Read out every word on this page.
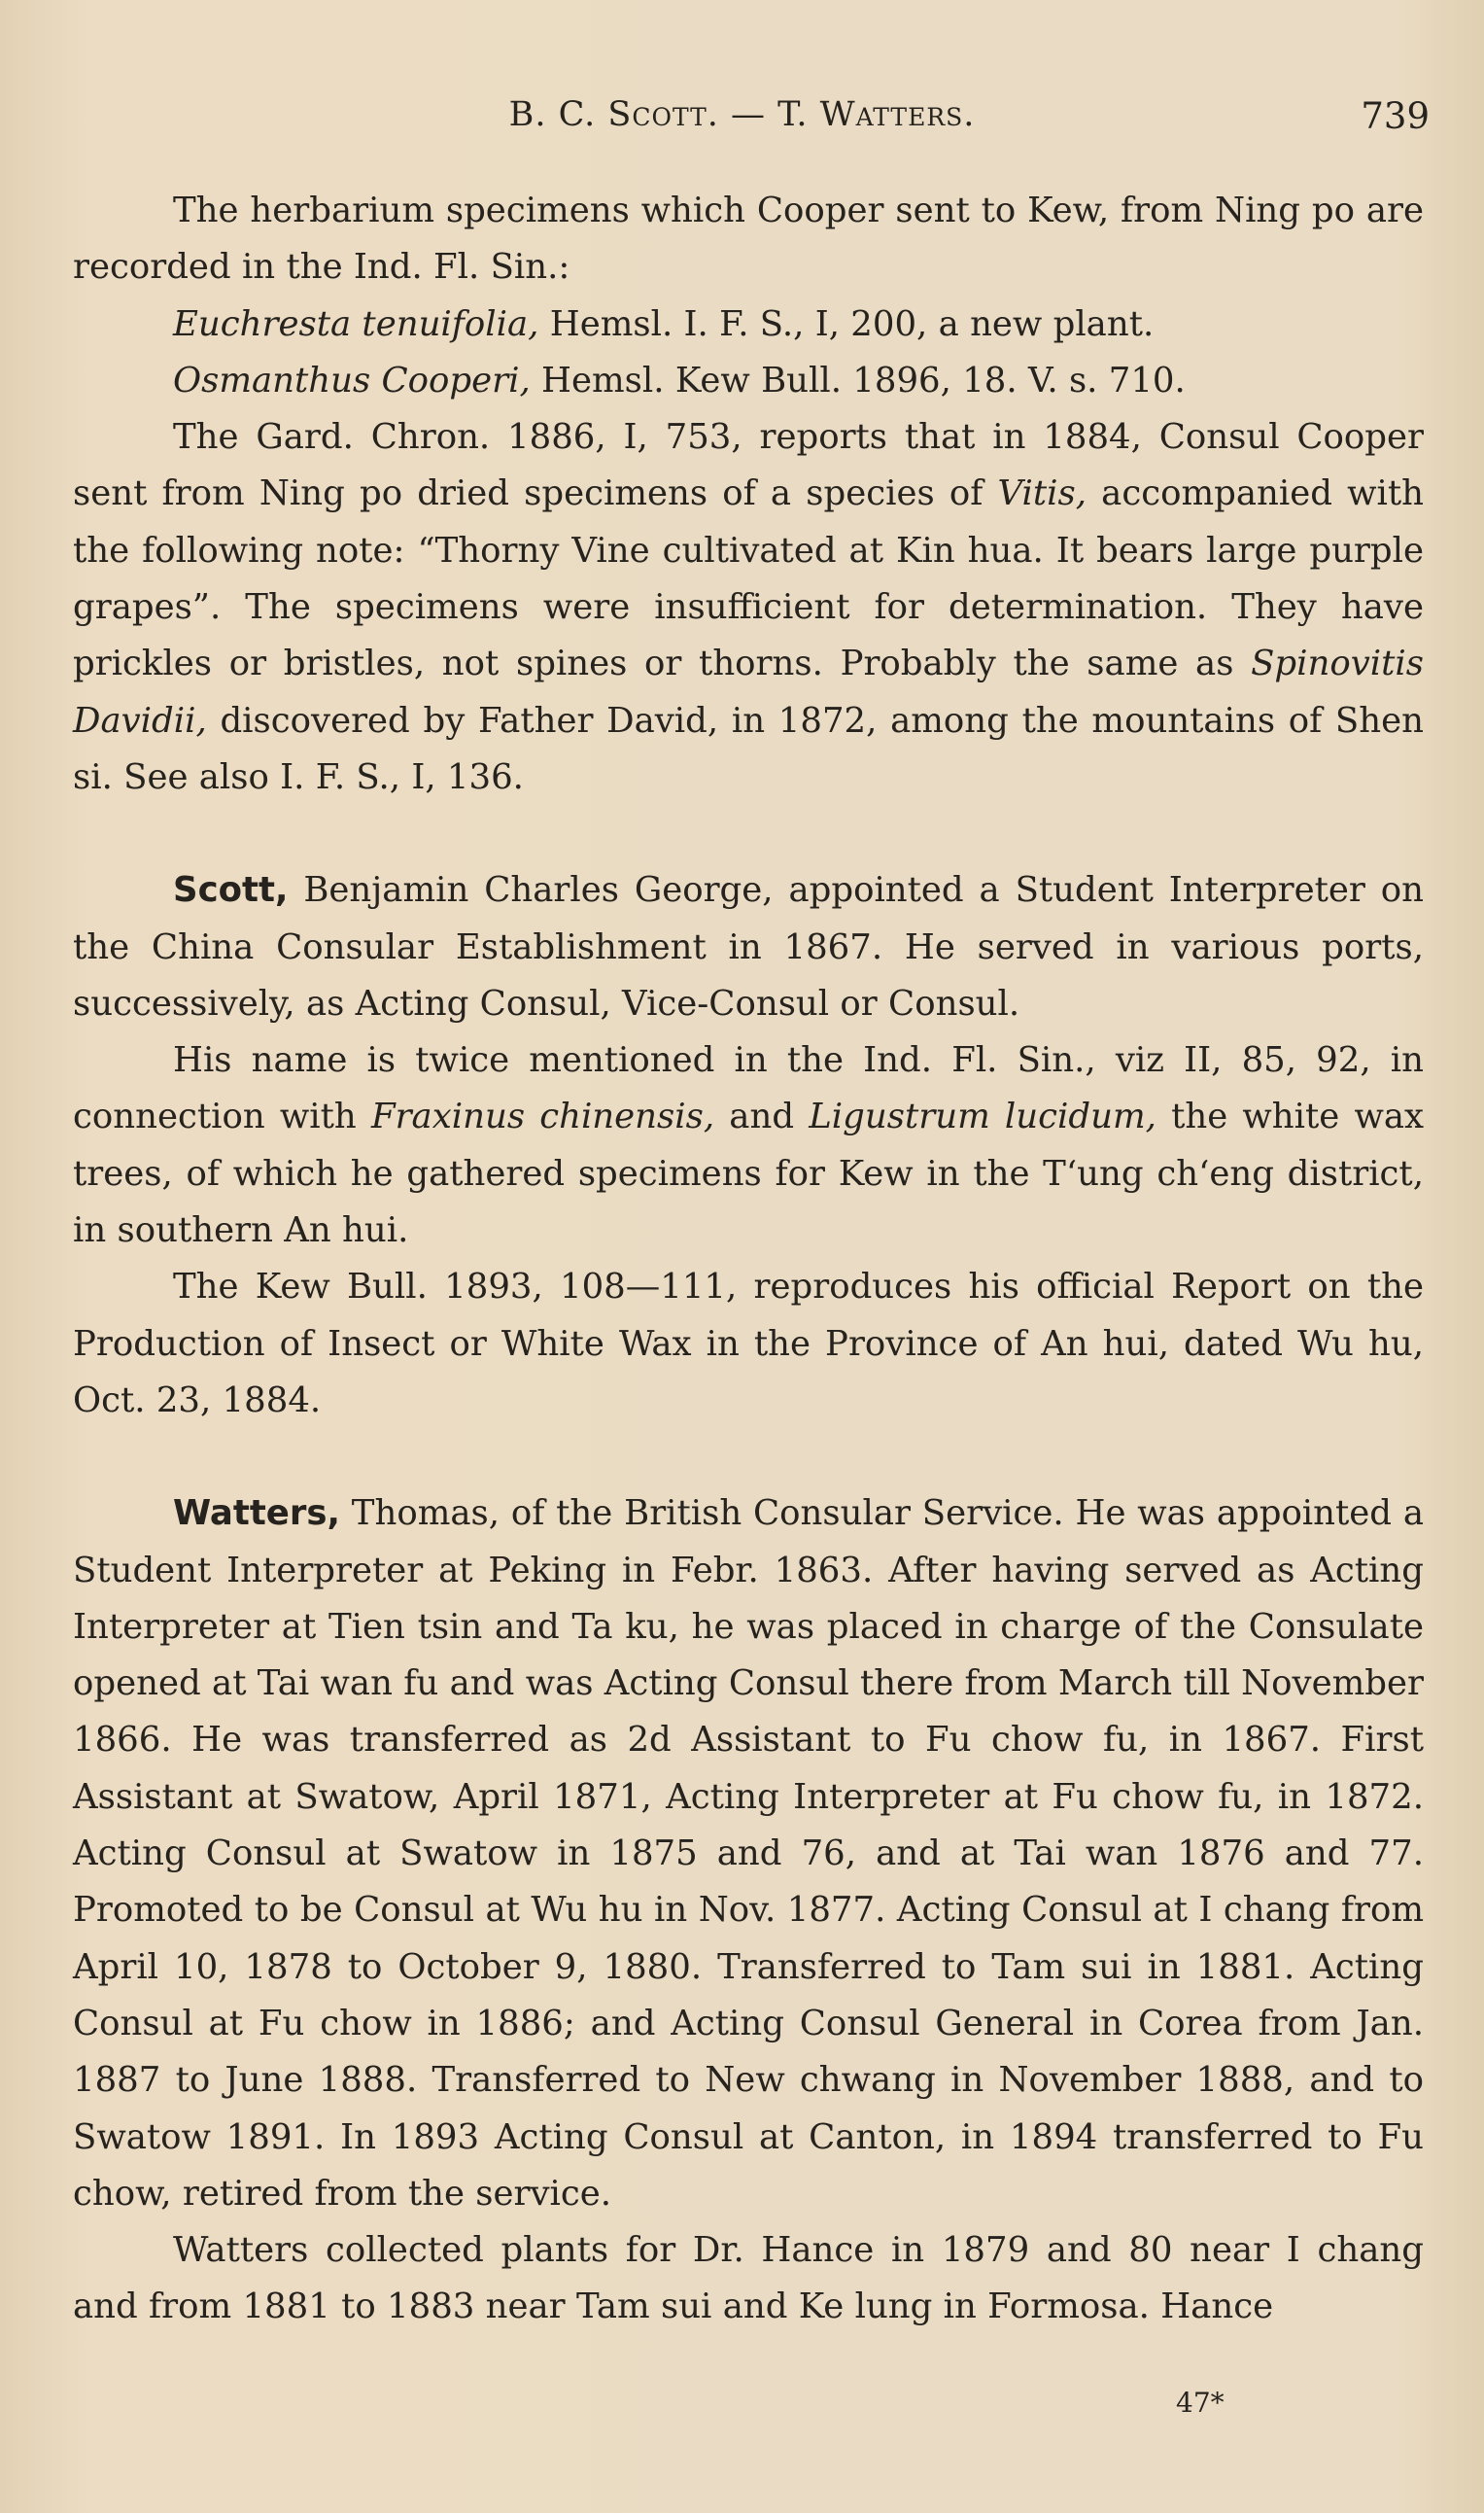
B. C. Scott. — T. Watters.	739

The herbarium specimens which Cooper sent to Kew, from Ning po are recorded in the Ind. Fl. Sin.:

Euchresta tenuifolia, Hemsl. I. F. S., I, 200, a new plant.

Osmanthus Cooperi, Hemsl. Kew Bull. 1896, 18. V. s. 710.

The Gard. Chron. 1886, I, 753, reports that in 1884, Consul Cooper sent from Ning po dried specimens of a species of Vitis, accompanied with the following note: “Thorny Vine cultivated at Kin hua. It bears large purple grapes”. The specimens were insufficient for determination. They have prickles or bristles, not spines or thorns. Probably the same as Spinovitis Davidii, discovered by Father David, in 1872, among the mountains of Shen si. See also I. F. S., I, 136.

Scott, Benjamin Charles George, appointed a Student Interpreter on the China Consular Establishment in 1867. He served in various ports, successively, as Acting Consul, Vice-Consul or Consul.

His name is twice mentioned in the Ind. Fl. Sin., viz II, 85, 92, in connection with Fraxinus chinensis, and Ligustrum lucidum, the white wax trees, of which he gathered specimens for Kew in the T‘ung ch‘eng district, in southern An hui.

The Kew Bull. 1893, 108—111, reproduces his official Report on the Production of Insect or White Wax in the Province of An hui, dated Wu hu, Oct. 23, 1884.

Watters, Thomas, of the British Consular Service. He was appointed a Student Interpreter at Peking in Febr. 1863. After having served as Acting Interpreter at Tien tsin and Ta ku, he was placed in charge of the Consulate opened at Tai wan fu and was Acting Consul there from March till November 1866. He was transferred as 2d Assistant to Fu chow fu, in 1867. First Assistant at Swatow, April 1871, Acting Interpreter at Fu chow fu, in 1872. Acting Consul at Swatow in 1875 and 76, and at Tai wan 1876 and 77. Promoted to be Consul at Wu hu in Nov. 1877. Acting Consul at I chang from April 10, 1878 to October 9, 1880. Transferred to Tam sui in 1881. Acting Consul at Fu chow in 1886; and Acting Consul General in Corea from Jan. 1887 to June 1888. Transferred to New chwang in November 1888, and to Swatow 1891. In 1893 Acting Consul at Canton, in 1894 transferred to Fu chow, retired from the service.

Watters collected plants for Dr. Hance in 1879 and 80 near I chang and from 1881 to 1883 near Tam sui and Ke lung in Formosa. Hance

47*
